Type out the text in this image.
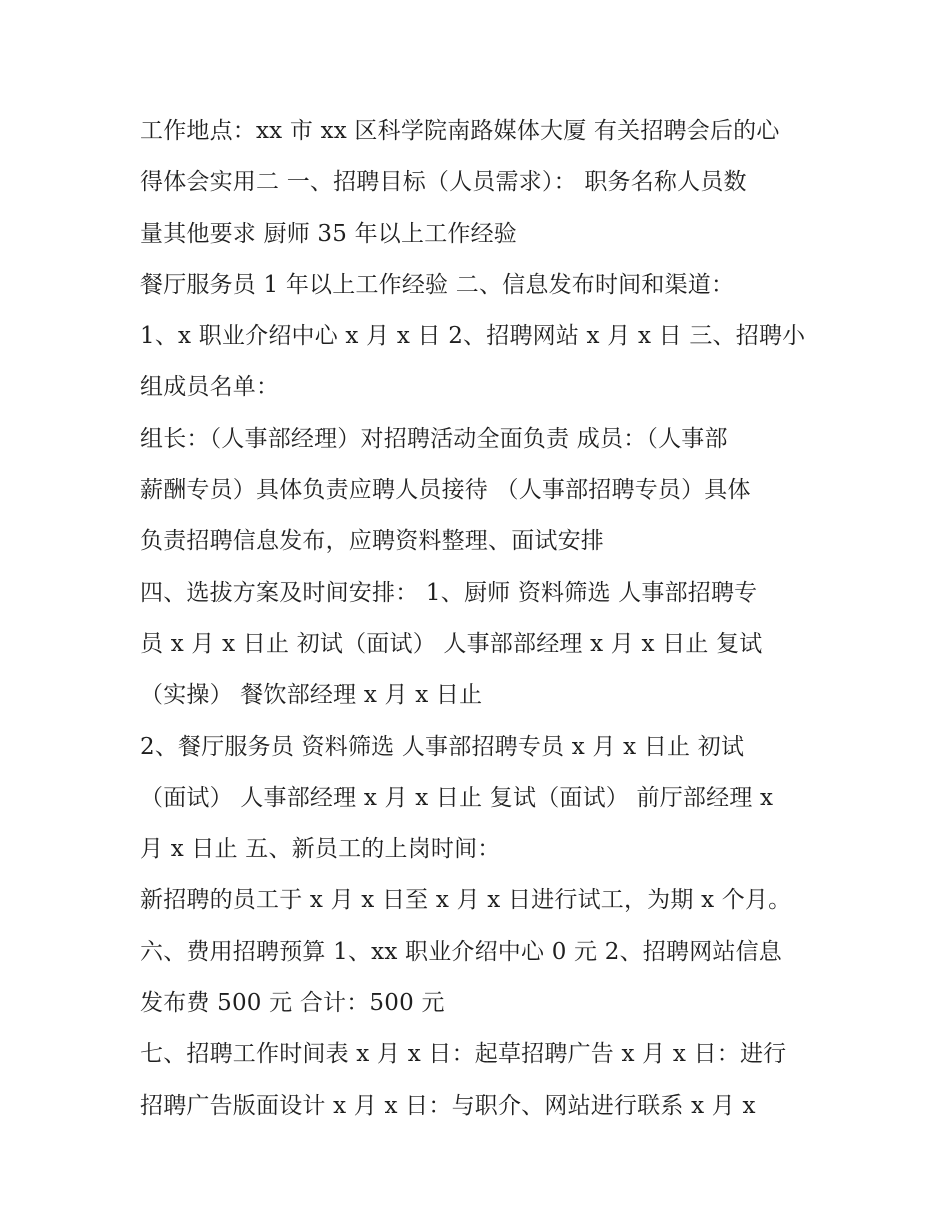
工作地点：xx 市 xx 区科学院南路媒体大厦 有关招聘会后的心
得体会实用二 一、招聘目标（人员需求）： 职务名称人员数
量其他要求 厨师 35 年以上工作经验
餐厅服务员 1 年以上工作经验 二、信息发布时间和渠道：
1、x 职业介绍中心 x 月 x 日 2、招聘网站 x 月 x 日 三、招聘小
组成员名单：
组长：（人事部经理）对招聘活动全面负责 成员：（人事部
薪酬专员）具体负责应聘人员接待 （人事部招聘专员）具体
负责招聘信息发布，应聘资料整理、面试安排
四、选拔方案及时间安排： 1、厨师 资料筛选 人事部招聘专
员 x 月 x 日止 初试（面试） 人事部部经理 x 月 x 日止 复试
（实操） 餐饮部经理 x 月 x 日止
2、餐厅服务员 资料筛选 人事部招聘专员 x 月 x 日止 初试
（面试） 人事部经理 x 月 x 日止 复试（面试） 前厅部经理 x
月 x 日止 五、新员工的上岗时间：
新招聘的员工于 x 月 x 日至 x 月 x 日进行试工，为期 x 个月。
六、费用招聘预算 1、xx 职业介绍中心 0 元 2、招聘网站信息
发布费 500 元 合计：500 元
七、招聘工作时间表 x 月 x 日：起草招聘广告 x 月 x 日：进行
招聘广告版面设计 x 月 x 日：与职介、网站进行联系 x 月 x
